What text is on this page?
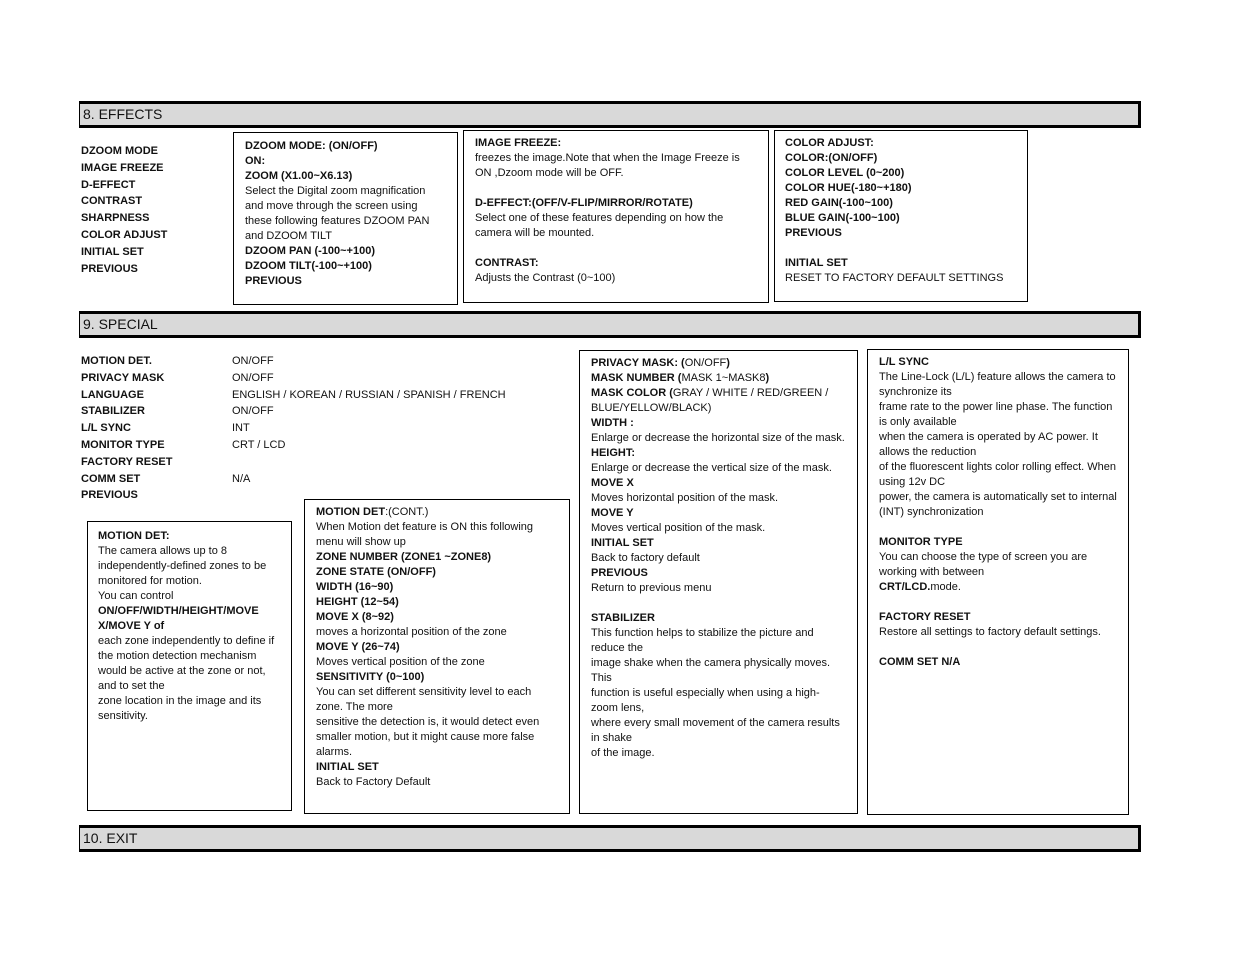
8. EFFECTS
DZOOM MODE
IMAGE FREEZE
D-EFFECT
CONTRAST
SHARPNESS
COLOR ADJUST
INITIAL SET
PREVIOUS
DZOOM MODE: (ON/OFF)
ON:
ZOOM (X1.00~X6.13)
Select the Digital zoom magnification and move through the screen using these following features DZOOM PAN and DZOOM TILT
DZOOM PAN (-100~+100)
DZOOM TILT(-100~+100)
PREVIOUS
IMAGE FREEZE:
freezes the image.Note that when the Image Freeze is ON ,Dzoom mode will be OFF.
D-EFFECT:(OFF/V-FLIP/MIRROR/ROTATE)
Select one of these features depending on how the camera will be mounted.
CONTRAST:
Adjusts the Contrast (0~100)
COLOR ADJUST:
COLOR:(ON/OFF)
COLOR LEVEL (0~200)
COLOR HUE(-180~+180)
RED GAIN(-100~100)
BLUE GAIN(-100~100)
PREVIOUS
INITIAL SET
RESET TO FACTORY DEFAULT SETTINGS
9. SPECIAL
MOTION DET.
PRIVACY MASK
LANGUAGE
STABILIZER
L/L SYNC
MONITOR TYPE
FACTORY RESET
COMM SET
PREVIOUS
ON/OFF
ON/OFF
ENGLISH / KOREAN / RUSSIAN / SPANISH / FRENCH
ON/OFF
INT
CRT / LCD
N/A
MOTION DET:
The camera allows up to 8 independently-defined zones to be monitored for motion.
You can control
ON/OFF/WIDTH/HEIGHT/MOVE X/MOVE Y of
each zone independently to define if the motion detection mechanism would be active at the zone or not, and to set the
zone location in the image and its sensitivity.
MOTION DET:(CONT.)
When Motion det feature is ON this following menu will show up
ZONE NUMBER (ZONE1 ~ZONE8)
ZONE STATE (ON/OFF)
WIDTH (16~90)
HEIGHT (12~54)
MOVE X (8~92)
moves a horizontal position of the zone
MOVE Y (26~74)
Moves vertical position of the zone
SENSITIVITY (0~100)
You can set different sensitivity level to each zone. The more
sensitive the detection is, it would detect even smaller motion, but it might cause more false alarms.
INITIAL SET
Back to Factory Default
PRIVACY MASK: (ON/OFF)
MASK NUMBER (MASK 1~MASK8)
MASK COLOR (GRAY / WHITE / RED/GREEN / BLUE/YELLOW/BLACK)
WIDTH :
Enlarge or decrease the horizontal size of the mask.
HEIGHT:
Enlarge or decrease the vertical size of the mask.
MOVE X
Moves horizontal position of the mask.
MOVE Y
Moves vertical position of the mask.
INITIAL SET
Back to factory default
PREVIOUS
Return to previous menu
STABILIZER
This function helps to stabilize the picture and reduce the
image shake when the camera physically moves. This
function is useful especially when using a high-zoom lens,
where every small movement of the camera results in shake
of the image.
L/L SYNC
The Line-Lock (L/L) feature allows the camera to synchronize its
frame rate to the power line phase. The function is only available
when the camera is operated by AC power. It allows the reduction
of the fluorescent lights color rolling effect. When using 12v DC
power, the camera is automatically set to internal (INT) synchronization
MONITOR TYPE
You can choose the type of screen you are working with between
CRT/LCD.mode.
FACTORY RESET
Restore all settings to factory default settings.
COMM SET N/A
10. EXIT
